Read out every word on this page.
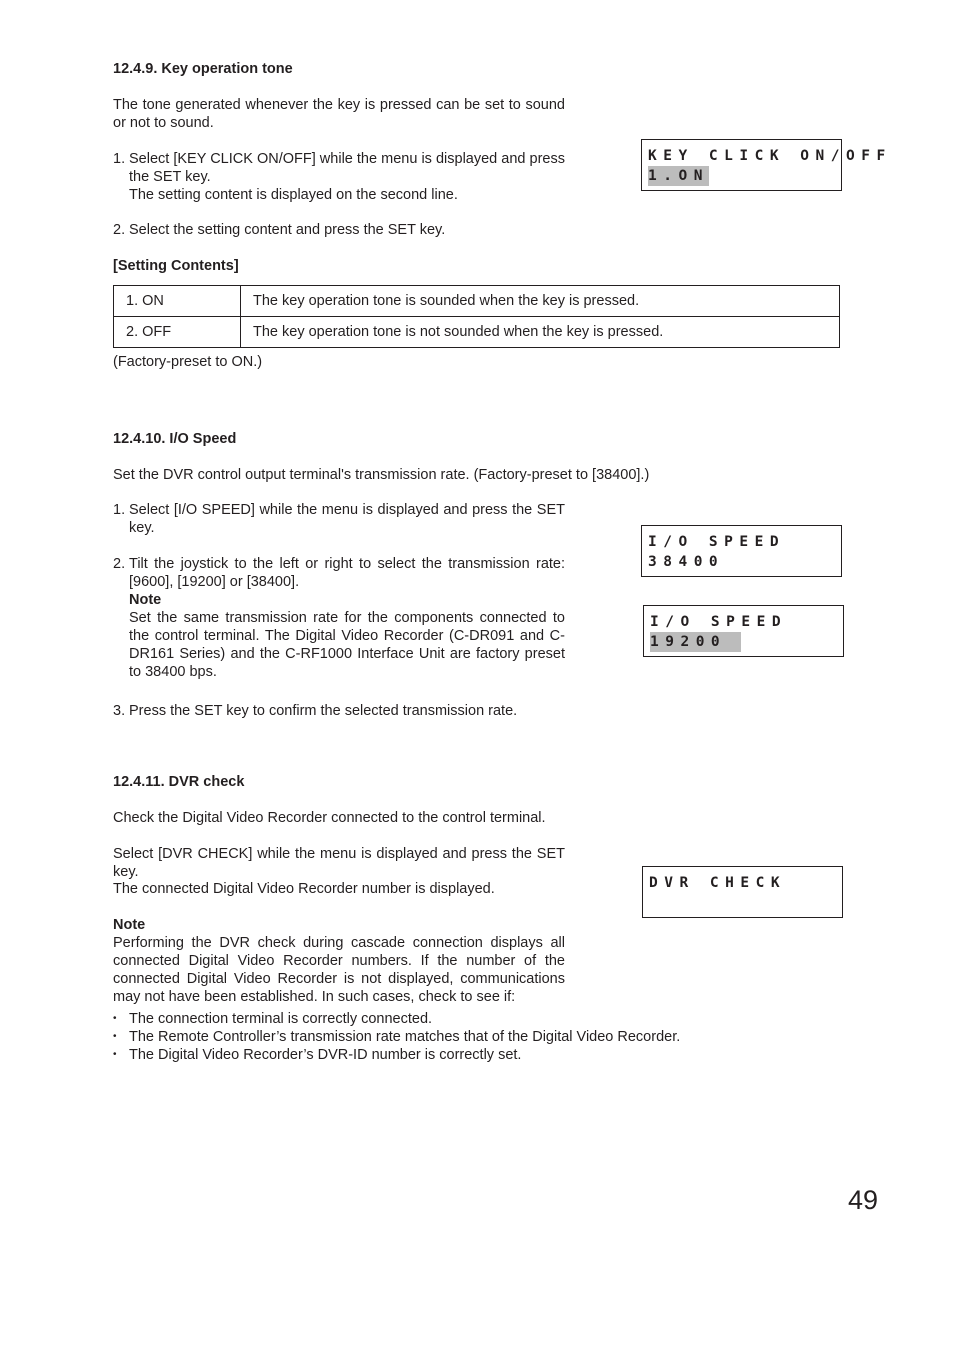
12.4.9. Key operation tone
The tone generated whenever the key is pressed can be set to sound or not to sound.
1. Select [KEY CLICK ON/OFF] while the menu is displayed and press the SET key.
The setting content is displayed on the second line.
2. Select the setting content and press the SET key.
[Setting Contents]
1. ON	The key operation tone is sounded when the key is pressed.
2. OFF	The key operation tone is not sounded when the key is pressed.
(Factory-preset to ON.)
KEY CLICK ON/OFF
1.ON
12.4.10. I/O Speed
Set the DVR control output terminal's transmission rate. (Factory-preset to [38400].)
1. Select [I/O SPEED] while the menu is displayed and press the SET key.
2. Tilt the joystick to the left or right to select the transmission rate: [9600], [19200] or [38400].
Note
Set the same transmission rate for the components connected to the control terminal. The Digital Video Recorder (C-DR091 and C-DR161 Series) and the C-RF1000 Interface Unit are factory preset to 38400 bps.
3. Press the SET key to confirm the selected transmission rate.
I/O SPEED
38400
I/O SPEED
19200
12.4.11. DVR check
Check the Digital Video Recorder connected to the control terminal.
Select [DVR CHECK] while the menu is displayed and press the SET key.
The connected Digital Video Recorder number is displayed.
Note
Performing the DVR check during cascade connection displays all connected Digital Video Recorder numbers. If the number of the connected Digital Video Recorder is not displayed, communications may not have been established. In such cases, check to see if:
• The connection terminal is correctly connected.
• The Remote Controller’s transmission rate matches that of the Digital Video Recorder.
• The Digital Video Recorder’s DVR-ID number is correctly set.
DVR CHECK
49
